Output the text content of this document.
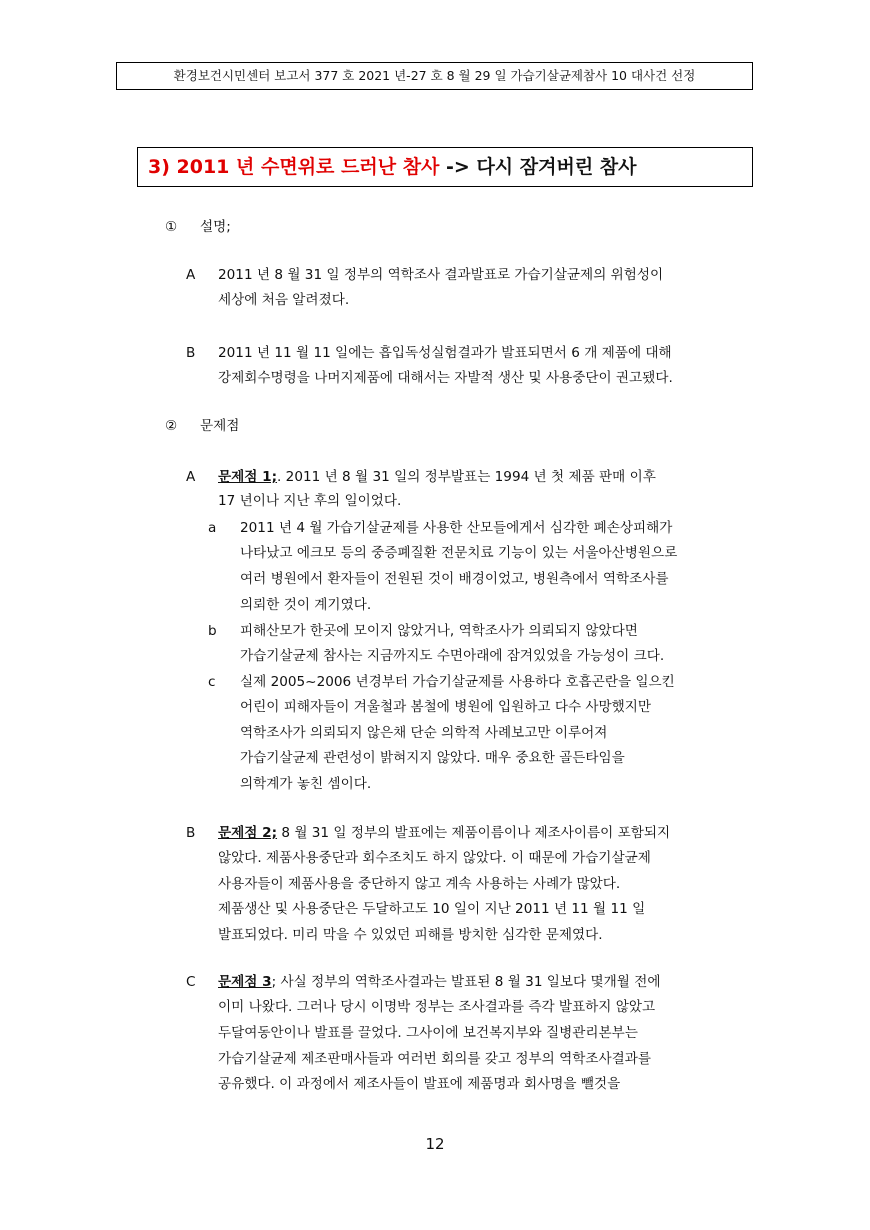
환경보건시민센터 보고서 377 호 2021 년-27 호 8 월 29 일 가습기살균제참사 10 대사건 선정
3) 2011 년 수면위로 드러난 참사 -> 다시 잠겨버린 참사
① 설명;
A 2011 년 8 월 31 일 정부의 역학조사 결과발표로 가습기살균제의 위험성이
세상에 처음 알려졌다.
B 2011 년 11 월 11 일에는 흡입독성실험결과가 발표되면서 6 개 제품에 대해
강제회수명령을 나머지제품에 대해서는 자발적 생산 및 사용중단이 권고됐다.
② 문제점
A 문제점 1;. 2011 년 8 월 31 일의 정부발표는 1994 년 첫 제품 판매 이후
17 년이나 지난 후의 일이었다.
a 2011 년 4 월 가습기살균제를 사용한 산모들에게서 심각한 폐손상피해가
나타났고 에크모 등의 중증폐질환 전문치료 기능이 있는 서울아산병원으로
여러 병원에서 환자들이 전원된 것이 배경이었고, 병원측에서 역학조사를
의뢰한 것이 계기였다.
b 피해산모가 한곳에 모이지 않았거나, 역학조사가 의뢰되지 않았다면
가습기살균제 참사는 지금까지도 수면아래에 잠겨있었을 가능성이 크다.
c 실제 2005~2006 년경부터 가습기살균제를 사용하다 호흡곤란을 일으킨
어린이 피해자들이 겨울철과 봄철에 병원에 입원하고 다수 사망했지만
역학조사가 의뢰되지 않은채 단순 의학적 사례보고만 이루어져
가습기살균제 관련성이 밝혀지지 않았다. 매우 중요한 골든타임을
의학계가 놓친 셈이다.
B 문제점 2; 8 월 31 일 정부의 발표에는 제품이름이나 제조사이름이 포함되지
않았다. 제품사용중단과 회수조치도 하지 않았다. 이 때문에 가습기살균제
사용자들이 제품사용을 중단하지 않고 계속 사용하는 사례가 많았다.
제품생산 및 사용중단은 두달하고도 10 일이 지난 2011 년 11 월 11 일
발표되었다. 미리 막을 수 있었던 피해를 방치한 심각한 문제였다.
C 문제점 3; 사실 정부의 역학조사결과는 발표된 8 월 31 일보다 몇개월 전에
이미 나왔다. 그러나 당시 이명박 정부는 조사결과를 즉각 발표하지 않았고
두달여동안이나 발표를 끌었다. 그사이에 보건복지부와 질병관리본부는
가습기살균제 제조판매사들과 여러번 회의를 갖고 정부의 역학조사결과를
공유했다. 이 과정에서 제조사들이 발표에 제품명과 회사명을 뺄것을
12
